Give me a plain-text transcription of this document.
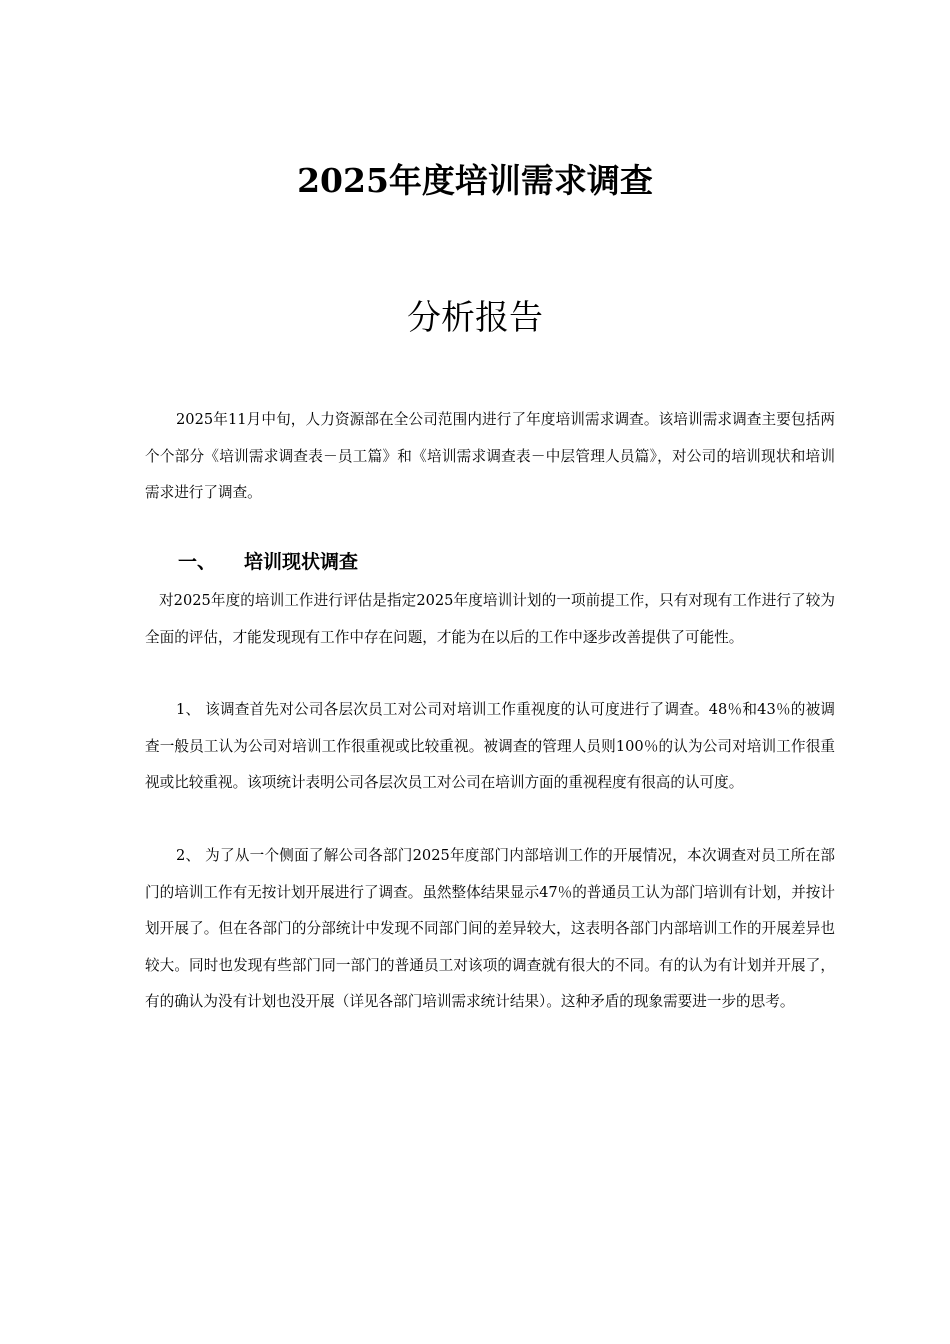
2025年度培训需求调查
分析报告

2025年11月中旬，人力资源部在全公司范围内进行了年度培训需求调查。该培训需求调查主要包括两个个部分《培训需求调查表－员工篇》和《培训需求调查表－中层管理人员篇》，对公司的培训现状和培训需求进行了调查。

一、 培训现状调查

对2025年度的培训工作进行评估是指定2025年度培训计划的一项前提工作，只有对现有工作进行了较为全面的评估，才能发现现有工作中存在问题，才能为在以后的工作中逐步改善提供了可能性。

1、 该调查首先对公司各层次员工对公司对培训工作重视度的认可度进行了调查。48％和43％的被调查一般员工认为公司对培训工作很重视或比较重视。被调查的管理人员则100％的认为公司对培训工作很重视或比较重视。该项统计表明公司各层次员工对公司在培训方面的重视程度有很高的认可度。

2、 为了从一个侧面了解公司各部门2025年度部门内部培训工作的开展情况，本次调查对员工所在部门的培训工作有无按计划开展进行了调查。虽然整体结果显示47％的普通员工认为部门培训有计划，并按计划开展了。但在各部门的分部统计中发现不同部门间的差异较大，这表明各部门内部培训工作的开展差异也较大。同时也发现有些部门同一部门的普通员工对该项的调查就有很大的不同。有的认为有计划并开展了，有的确认为没有计划也没开展（详见各部门培训需求统计结果）。这种矛盾的现象需要进一步的思考。
